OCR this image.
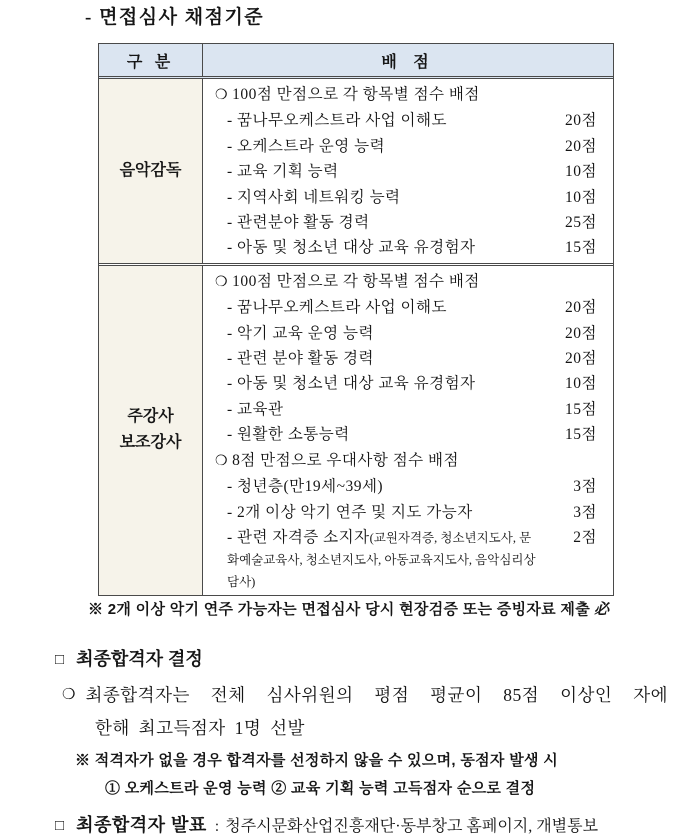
- 면접심사 채점기준
구 분	배 점
음악감독
❍ 100점 만점으로 각 항목별 점수 배점
- 꿈나무오케스트라 사업 이해도	20점
- 오케스트라 운영 능력	20점
- 교육 기획 능력	10점
- 지역사회 네트워킹 능력	10점
- 관련분야 활동 경력	25점
- 아동 및 청소년 대상 교육 유경험자	15점
주강사
보조강사
❍ 100점 만점으로 각 항목별 점수 배점
- 꿈나무오케스트라 사업 이해도	20점
- 악기 교육 운영 능력	20점
- 관련 분야 활동 경력	20점
- 아동 및 청소년 대상 교육 유경험자	10점
- 교육관	15점
- 원활한 소통능력	15점
❍ 8점 만점으로 우대사항 점수 배점
- 청년층(만19세~39세)	3점
- 2개 이상 악기 연주 및 지도 가능자	3점
- 관련 자격증 소지자(교원자격증, 청소년지도사, 문화예술교육사, 청소년지도사, 아동교육지도사, 음악심리상담사)
2점
※ 2개 이상 악기 연주 가능자는 면접심사 당시 현장검증 또는 증빙자료 제출 必
□ 최종합격자 결정
❍ 최종합격자는 전체 심사위원의 평점 평균이 85점 이상인 자에
한해 최고득점자 1명 선발
※ 적격자가 없을 경우 합격자를 선정하지 않을 수 있으며, 동점자 발생 시
① 오케스트라 운영 능력 ② 교육 기획 능력 고득점자 순으로 결정
□ 최종합격자 발표 : 청주시문화산업진흥재단·동부창고 홈페이지, 개별통보
